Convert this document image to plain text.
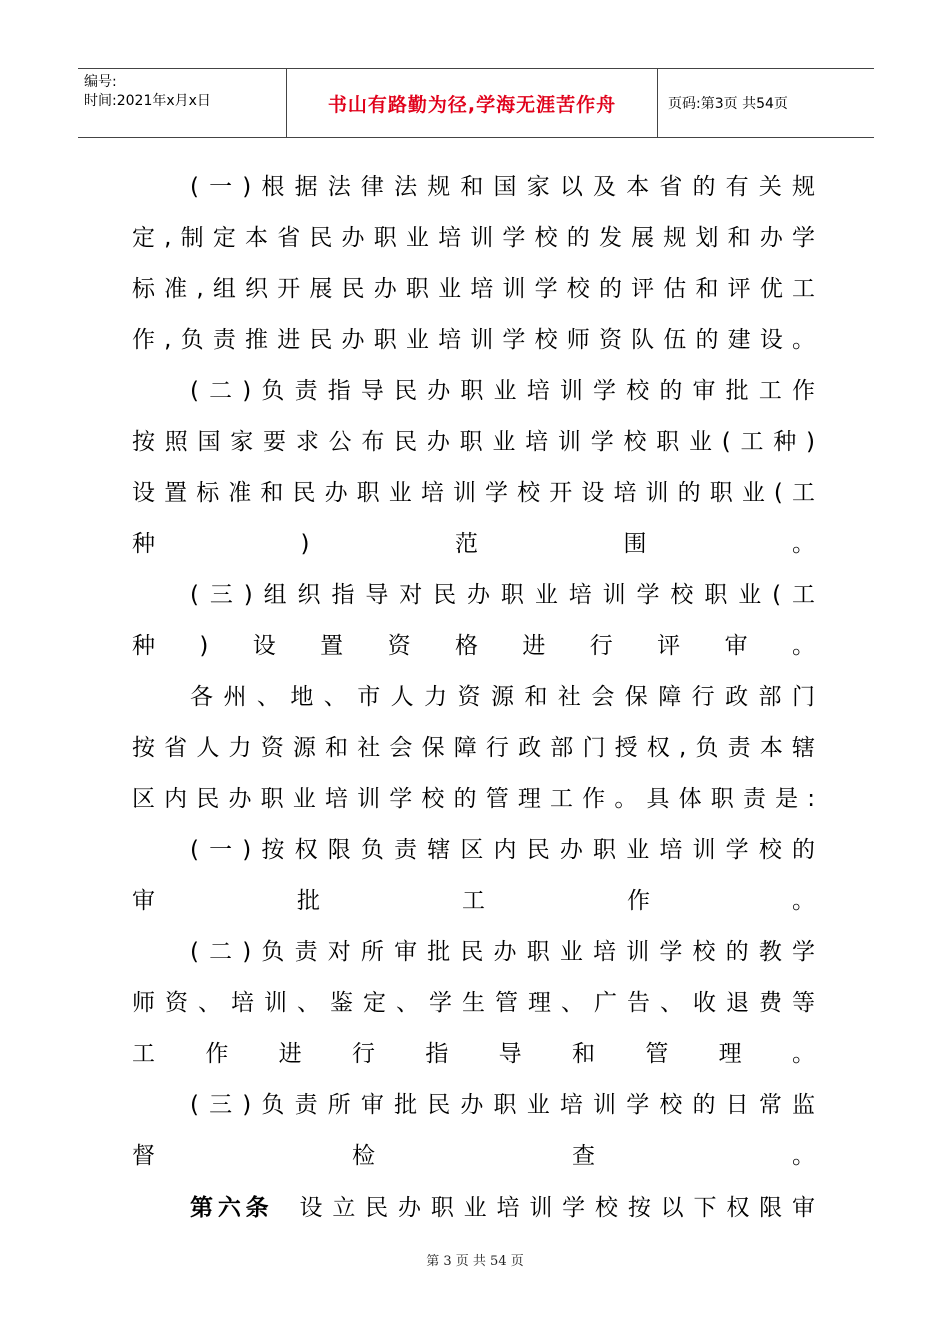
编号:
时间:2021年x月x日	书山有路勤为径,学海无涯苦作舟	页码:第3页 共54页

(一)根据法律法规和国家以及本省的有关规定,制定本省民办职业培训学校的发展规划和办学标准,组织开展民办职业培训学校的评估和评优工作,负责推进民办职业培训学校师资队伍的建设。

(二)负责指导民办职业培训学校的审批工作按照国家要求公布民办职业培训学校职业(工种)设置标准和民办职业培训学校开设培训的职业(工种)范围。

(三)组织指导对民办职业培训学校职业(工种)设置资格进行评审。

各州、地、市人力资源和社会保障行政部门按省人力资源和社会保障行政部门授权,负责本辖区内民办职业培训学校的管理工作。具体职责是:

(一)按权限负责辖区内民办职业培训学校的审批工作。

(二)负责对所审批民办职业培训学校的教学师资、培训、鉴定、学生管理、广告、收退费等工作进行指导和管理。

(三)负责所审批民办职业培训学校的日常监督检查。

第六条 设立民办职业培训学校按以下权限审

第 3 页 共 54 页
